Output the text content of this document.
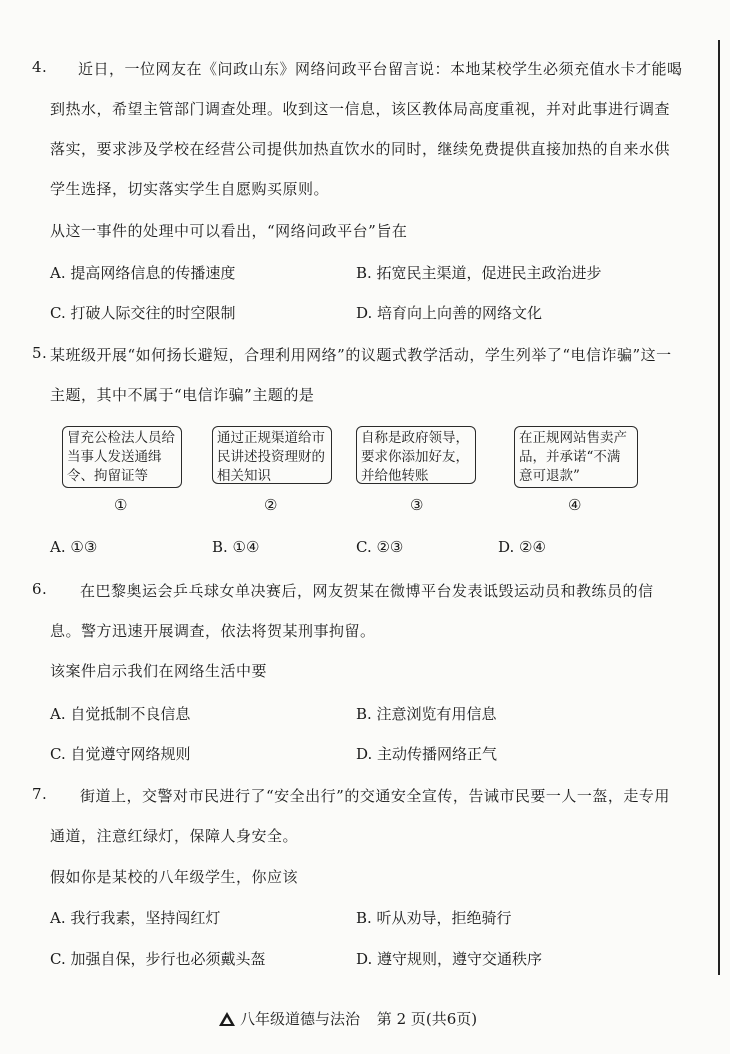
4. 近日，一位网友在《问政山东》网络问政平台留言说：本地某校学生必须充值水卡才能喝
到热水，希望主管部门调查处理。收到这一信息，该区教体局高度重视，并对此事进行调查
落实，要求涉及学校在经营公司提供加热直饮水的同时，继续免费提供直接加热的自来水供
学生选择，切实落实学生自愿购买原则。
从这一事件的处理中可以看出，“网络问政平台”旨在
A. 提高网络信息的传播速度	B. 拓宽民主渠道，促进民主政治进步
C. 打破人际交往的时空限制	D. 培育向上向善的网络文化
5. 某班级开展“如何扬长避短，合理利用网络”的议题式教学活动，学生列举了“电信诈骗”这一
主题，其中不属于“电信诈骗”主题的是
冒充公检法人员给当事人发送通缉令、拘留证等
通过正规渠道给市民讲述投资理财的相关知识
自称是政府领导，要求你添加好友，并给他转账
在正规网站售卖产品，并承诺“不满意可退款”
①	②	③	④
A. ①③	B. ①④	C. ②③	D. ②④
6. 在巴黎奥运会乒乓球女单决赛后，网友贺某在微博平台发表诋毁运动员和教练员的信
息。警方迅速开展调查，依法将贺某刑事拘留。
该案件启示我们在网络生活中要
A. 自觉抵制不良信息	B. 注意浏览有用信息
C. 自觉遵守网络规则	D. 主动传播网络正气
7. 街道上，交警对市民进行了“安全出行”的交通安全宣传，告诫市民要一人一盔，走专用
通道，注意红绿灯，保障人身安全。
假如你是某校的八年级学生，你应该
A. 我行我素，坚持闯红灯	B. 听从劝导，拒绝骑行
C. 加强自保，步行也必须戴头盔	D. 遵守规则，遵守交通秩序
八年级道德与法治 第 2 页(共6页)
